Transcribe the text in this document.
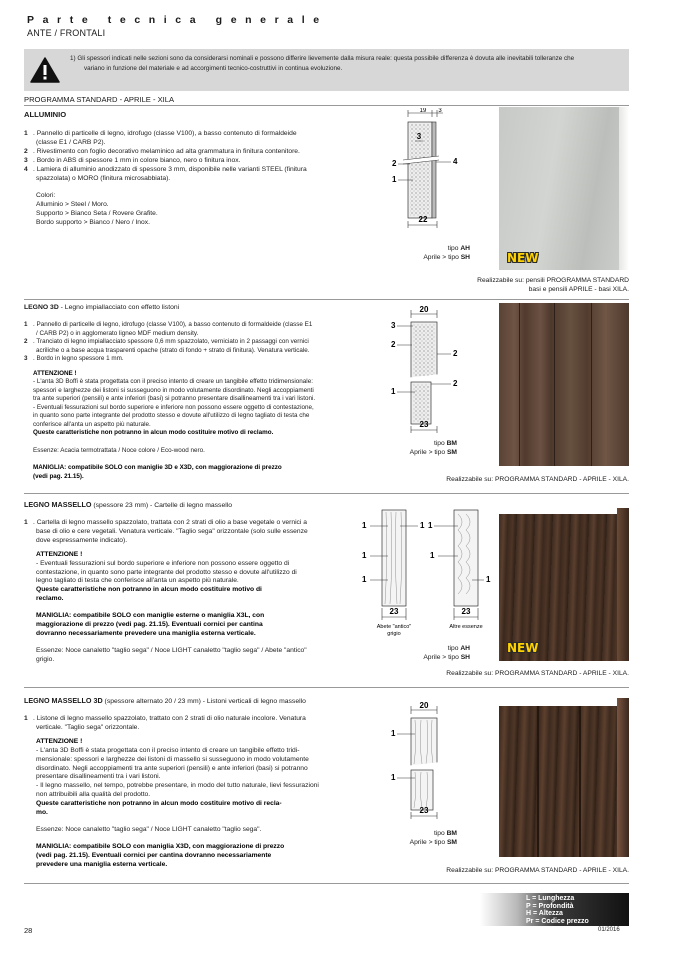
Parte tecnica generale
ANTE / FRONTALI
1) Gli spessori indicati nelle sezioni sono da considerarsi nominali e possono differire lievemente dalla misura reale: questa possibile differenza è dovuta alle inevitabili tolleranze che
variano in funzione del materiale e ad accorgimenti tecnico-costruttivi in continua evoluzione.
PROGRAMMA STANDARD - APRILE - XILA
ALLUMINIO
1 . Pannello di particelle di legno, idrofugo (classe V100), a basso contenuto di formaldeide
(classe E1 / CARB P2).
2 . Rivestimento con foglio decorativo melaminico ad alta grammatura in finitura contenitore.
3 . Bordo in ABS di spessore 1 mm in colore bianco, nero o finitura inox.
4 . Lamiera di alluminio anodizzato di spessore 3 mm, disponibile nelle varianti STEEL (finitura
spazzolata) o MORO (finitura microsabbiata).
Colori:
Alluminio > Steel / Moro.
Supporto > Bianco Seta / Rovere Grafite.
Bordo supporto > Bianco / Nero / Inox.
19 3
3
2	4
1
22
tipo AH
Aprile > tipo SH	NEW
Realizzabile su: pensili PROGRAMMA STANDARD
basi e pensili APRILE - basi XILA.
LEGNO 3D - Legno impiallacciato con effetto listoni
1 . Pannello di particelle di legno, idrofugo (classe V100), a basso contenuto di formaldeide (classe E1
/ CARB P2) o in agglomerato ligneo MDF medium density.
2 . Tranciato di legno impiallacciato spessore 0,6 mm spazzolato, verniciato in 2 passaggi con vernici
acriliche o a base acqua trasparenti opache (strato di fondo + strato di finitura). Venatura verticale.
3 . Bordo in legno spessore 1 mm.
ATTENZIONE !
- L'anta 3D Boffi è stata progettata con il preciso intento di creare un tangibile effetto tridimensionale:
spessori e larghezze dei listoni si susseguono in modo volutamente disordinato. Negli accoppiamenti
tra ante superiori (pensili) e ante inferiori (basi) si potranno presentare disallineamenti tra i vari listoni.
- Eventuali fessurazioni sul bordo superiore e inferiore non possono essere oggetto di contestazione,
in quanto sono parte integrante del prodotto stesso e dovute all'utilizzo di legno tagliato di testa che
conferisce all'anta un aspetto più naturale.
Queste caratteristiche non potranno in alcun modo costituire motivo di reclamo.
Essenze: Acacia termotrattata / Noce colore / Eco-wood nero.
MANIGLIA: compatibile SOLO con maniglie 3D e X3D, con maggiorazione di prezzo
(vedi pag. 21.15).
20
3
2
2
2
1
23
tipo BM
Aprile > tipo SM
Realizzabile su: PROGRAMMA STANDARD - APRILE - XILA.
LEGNO MASSELLO (spessore 23 mm) - Cartelle di legno massello
1 . Cartella di legno massello spazzolato, trattata con 2 strati di olio a base vegetale o vernici a
base di olio e cere vegetali. Venatura verticale. "Taglio sega" orizzontale (solo sulle essenze
dove espressamente indicato).
ATTENZIONE !
- Eventuali fessurazioni sul bordo superiore e inferiore non possono essere oggetto di
contestazione, in quanto sono parte integrante del prodotto stesso e dovute all'utilizzo di
legno tagliato di testa che conferisce all'anta un aspetto più naturale.
Queste caratteristiche non potranno in alcun modo costituire motivo di
reclamo.
MANIGLIA: compatibile SOLO con maniglie esterne o maniglia X3L, con
maggiorazione di prezzo (vedi pag. 21.15). Eventuali cornici per cantina
dovranno necessariamente prevedere una maniglia esterna verticale.
Essenze: Noce canaletto "taglio sega" / Noce LIGHT canaletto "taglio sega" / Abete "antico"
grigio.
1
1
1
1 1
1
1
23	23
Abete "antico"
grigio
Altre essenze
tipo AH
Aprile > tipo SH
NEW
Realizzabile su: PROGRAMMA STANDARD - APRILE - XILA.
LEGNO MASSELLO 3D (spessore alternato 20 / 23 mm) - Listoni verticali di legno massello
1 . Listone di legno massello spazzolato, trattato con 2 strati di olio naturale incolore. Venatura
verticale. "Taglio sega" orizzontale.
ATTENZIONE !
- L'anta 3D Boffi è stata progettata con il preciso intento di creare un tangibile effetto tridi-
mensionale: spessori e larghezze dei listoni di massello si susseguono in modo volutamente
disordinato. Negli accoppiamenti tra ante superiori (pensili) e ante inferiori (basi) si potranno
presentare disallineamenti tra i vari listoni.
- Il legno massello, nel tempo, potrebbe presentare, in modo del tutto naturale, lievi fessurazioni
non attribuibili alla qualità del prodotto.
Queste caratteristiche non potranno in alcun modo costituire motivo di recla-
mo.
Essenze: Noce canaletto "taglio sega" / Noce LIGHT canaletto "taglio sega".
MANIGLIA: compatibile SOLO con maniglia X3D, con maggiorazione di prezzo
(vedi pag. 21.15). Eventuali cornici per cantina dovranno necessariamente
prevedere una maniglia esterna verticale.
20
1
1
23
tipo BM
Aprile > tipo SM
Realizzabile su: PROGRAMMA STANDARD - APRILE - XILA.
L = Lunghezza
P = Profondità
H = Altezza
Pr = Codice prezzo
28	01/2016
